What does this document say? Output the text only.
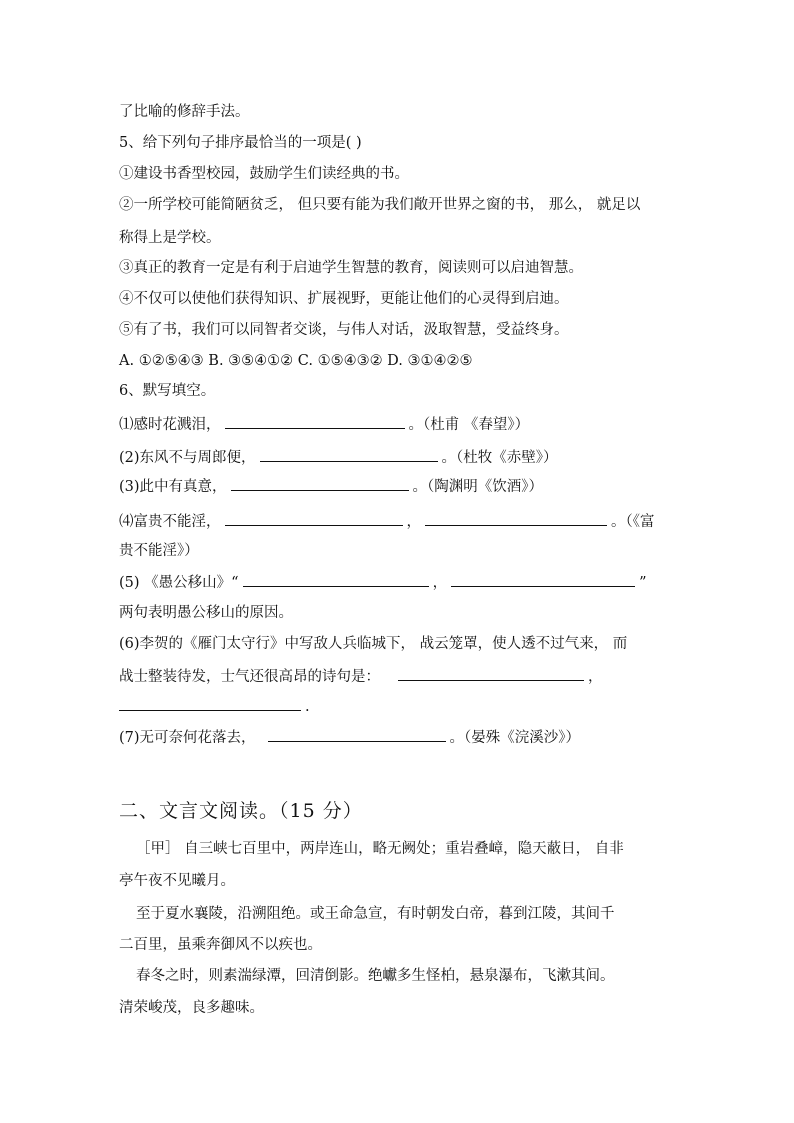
了比喻的修辞手法。
5、给下列句子排序最恰当的一项是( )
①建设书香型校园，鼓励学生们读经典的书。
②一所学校可能简陋贫乏， 但只要有能为我们敞开世界之窗的书， 那么， 就足以
称得上是学校。
③真正的教育一定是有利于启迪学生智慧的教育，阅读则可以启迪智慧。
④不仅可以使他们获得知识、扩展视野，更能让他们的心灵得到启迪。
⑤有了书，我们可以同智者交谈，与伟人对话，汲取智慧，受益终身。
A. ①②⑤④③ B. ③⑤④①② C. ①⑤④③② D. ③①④②⑤
6、默写填空。
⑴感时花溅泪，	。（杜甫 《春望》）
(2)东风不与周郎便，	。（杜牧《赤壁》）
(3)此中有真意，	。（陶渊明《饮酒》）
⑷富贵不能淫，	，	。（《富
贵不能淫》）
(5) 《愚公移山》“	，	”
两句表明愚公移山的原因。
(6)李贺的《雁门太守行》中写敌人兵临城下， 战云笼罩，使人透不过气来， 而
战士整装待发，士气还很高昂的诗句是：	，
.
(7)无可奈何花落去，	。（晏殊《浣溪沙》）
二、文言文阅读。（15 分）
［甲］ 自三峡七百里中，两岸连山，略无阙处；重岩叠嶂，隐天蔽日， 自非
亭午夜不见曦月。
至于夏水襄陵，沿溯阻绝。或王命急宣，有时朝发白帝，暮到江陵，其间千
二百里，虽乘奔御风不以疾也。
春冬之时，则素湍绿潭，回清倒影。绝巘多生怪柏，悬泉瀑布，飞漱其间。
清荣峻茂，良多趣味。
